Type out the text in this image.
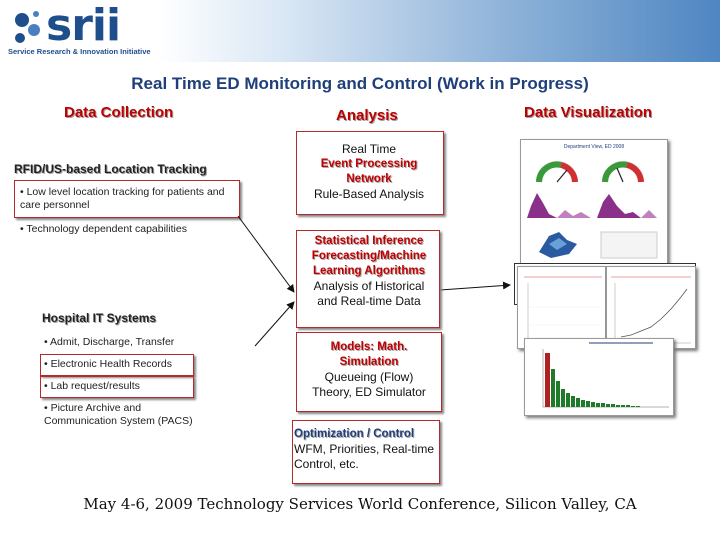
srii
Service Research & Innovation Initiative
Real Time ED Monitoring and Control (Work in Progress)
Data Collection	Analysis	Data Visualization
RFID/US-based Location Tracking
• Low level location tracking for patients and care personnel
• Technology dependent capabilities
Hospital IT Systems
• Admit, Discharge, Transfer
• Electronic Health Records
• Lab request/results
• Picture Archive and Communication System (PACS)
Real Time
Event Processing Network
Rule-Based Analysis
Statistical Inference Forecasting/Machine Learning Algorithms
Analysis of Historical and Real-time Data
Models: Math. Simulation
Queueing (Flow) Theory, ED Simulator
Optimization / Control
WFM, Priorities, Real-time Control, etc.
Department View, ED 2008
May 4-6, 2009 Technology Services World Conference, Silicon Valley, CA
